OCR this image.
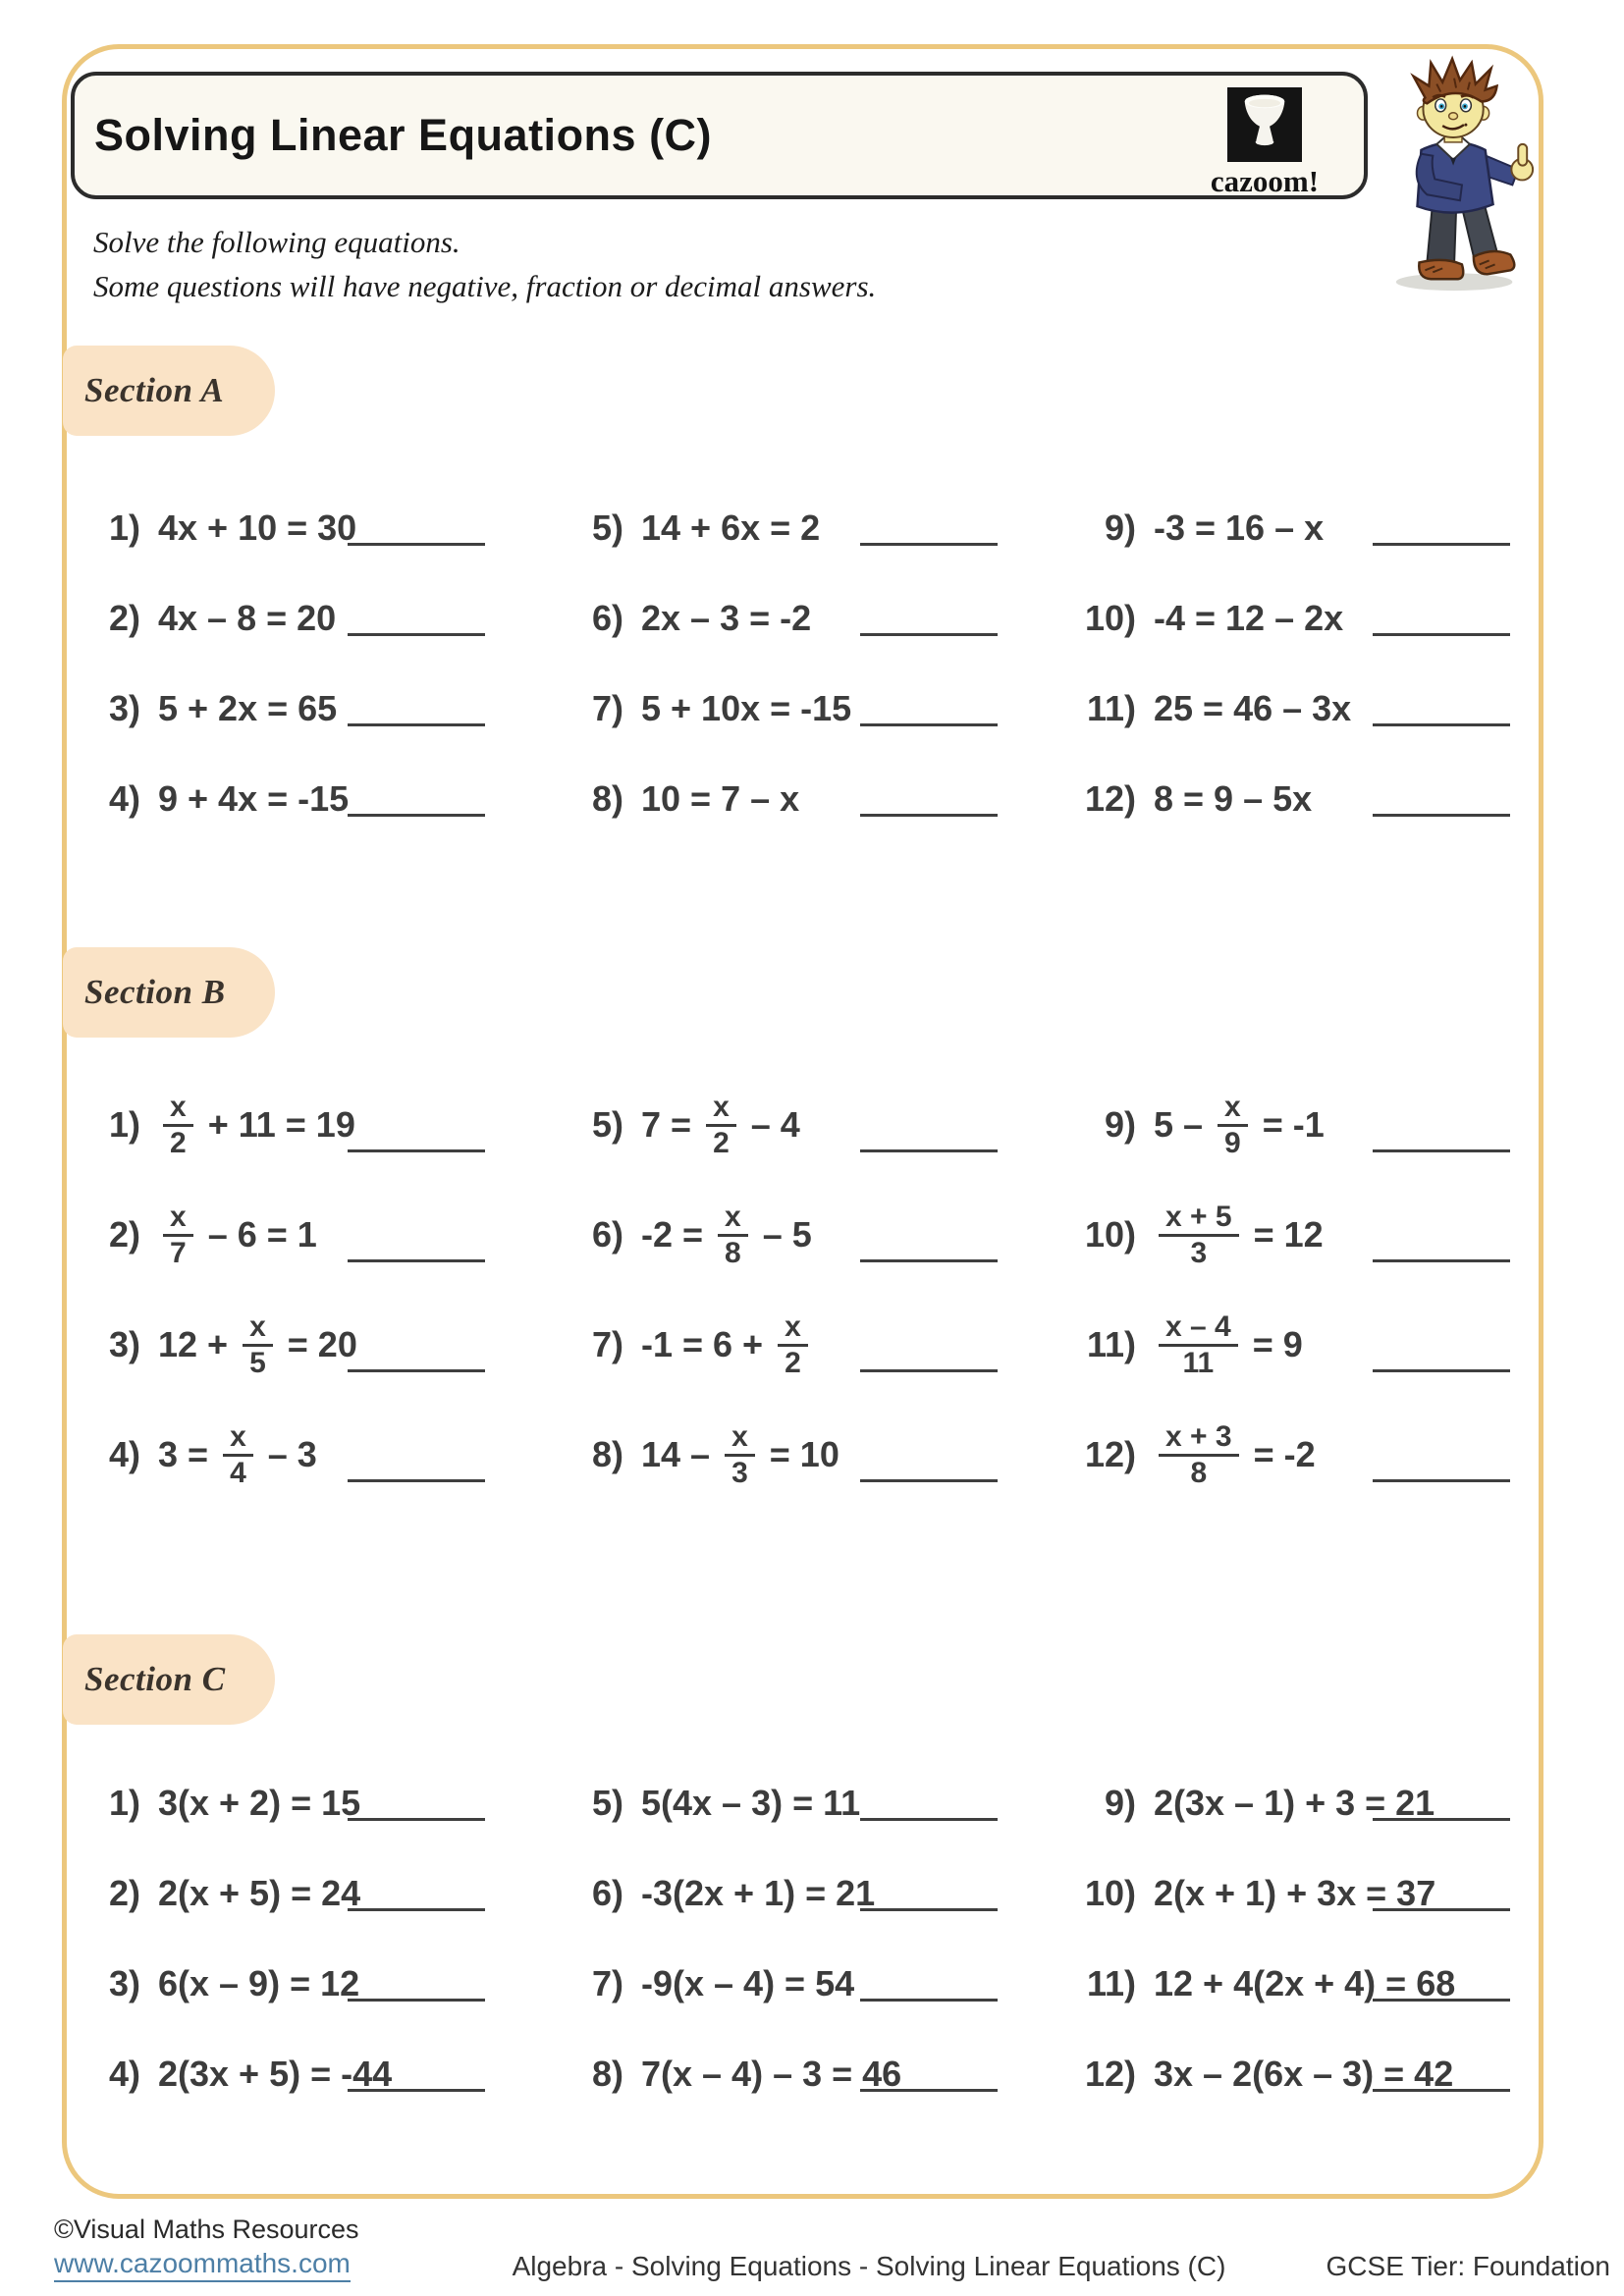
Solving Linear Equations (C)
cazoom!
Solve the following equations.
Some questions will have negative, fraction or decimal answers.
Section A
Section B
Section C
1) 4x + 10 = 30
2) 4x – 8 = 20
3) 5 + 2x = 65
4) 9 + 4x = -15
5) 14 + 6x = 2
6) 2x – 3 = -2
7) 5 + 10x = -15
8) 10 = 7 – x
9) -3 = 16 – x
10) -4 = 12 – 2x
11) 25 = 46 – 3x
12) 8 = 9 – 5x
$1) \frac{x}{2} + 11 = 19$
$2) \frac{x}{7} - 6 = 1$
3) $12 + \frac{x}{5} = 20$
4) $3 = \frac{x}{4} - 3$
5) $7 = \frac{x}{2} - 4$
6) $-2 = \frac{x}{8} - 5$
7) $-1 = 6 + \frac{x}{2}$
8) $14 - \frac{x}{3} = 10$
9) $5 - \frac{x}{9} = -1$
$10) \frac{x + 5}{3} = 12$
$11) \frac{x - 4}{11} = 9$
$12) \frac{x + 3}{8} = -2$
1) 3(x + 2) = 15
2) 2(x + 5) = 24
3) 6(x – 9) = 12
4) 2(3x + 5) = -44
5) 5(4x – 3) = 11
6) -3(2x + 1) = 21
7) -9(x – 4) = 54
8) 7(x – 4) – 3 = 46
9) 2(3x – 1) + 3 = 21
10) 2(x + 1) + 3x = 37
11) 12 + 4(2x + 4) = 68
12) 3x – 2(6x – 3) = 42
©Visual Maths Resources
www.cazoommaths.com	Algebra - Solving Equations - Solving Linear Equations (C)	GCSE Tier: Foundation
